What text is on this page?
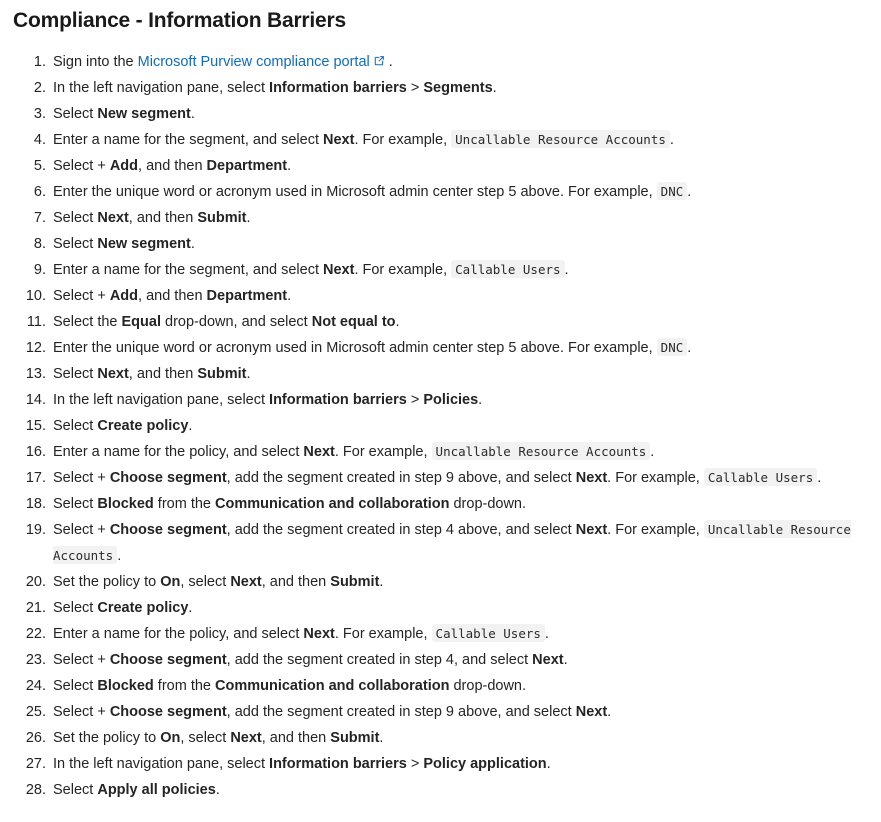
Compliance - Information Barriers
1. Sign into the Microsoft Purview compliance portal .
2. In the left navigation pane, select Information barriers > Segments.
3. Select New segment.
4. Enter a name for the segment, and select Next. For example, Uncallable Resource Accounts .
5. Select + Add, and then Department.
6. Enter the unique word or acronym used in Microsoft admin center step 5 above. For example, DNC .
7. Select Next, and then Submit.
8. Select New segment.
9. Enter a name for the segment, and select Next. For example, Callable Users .
10. Select + Add, and then Department.
11. Select the Equal drop-down, and select Not equal to.
12. Enter the unique word or acronym used in Microsoft admin center step 5 above. For example, DNC .
13. Select Next, and then Submit.
14. In the left navigation pane, select Information barriers > Policies.
15. Select Create policy.
16. Enter a name for the policy, and select Next. For example, Uncallable Resource Accounts .
17. Select + Choose segment, add the segment created in step 9 above, and select Next. For example, Callable Users .
18. Select Blocked from the Communication and collaboration drop-down.
19. Select + Choose segment, add the segment created in step 4 above, and select Next. For example, Uncallable Resource Accounts .
20. Set the policy to On, select Next, and then Submit.
21. Select Create policy.
22. Enter a name for the policy, and select Next. For example, Callable Users .
23. Select + Choose segment, add the segment created in step 4, and select Next.
24. Select Blocked from the Communication and collaboration drop-down.
25. Select + Choose segment, add the segment created in step 9 above, and select Next.
26. Set the policy to On, select Next, and then Submit.
27. In the left navigation pane, select Information barriers > Policy application.
28. Select Apply all policies.
